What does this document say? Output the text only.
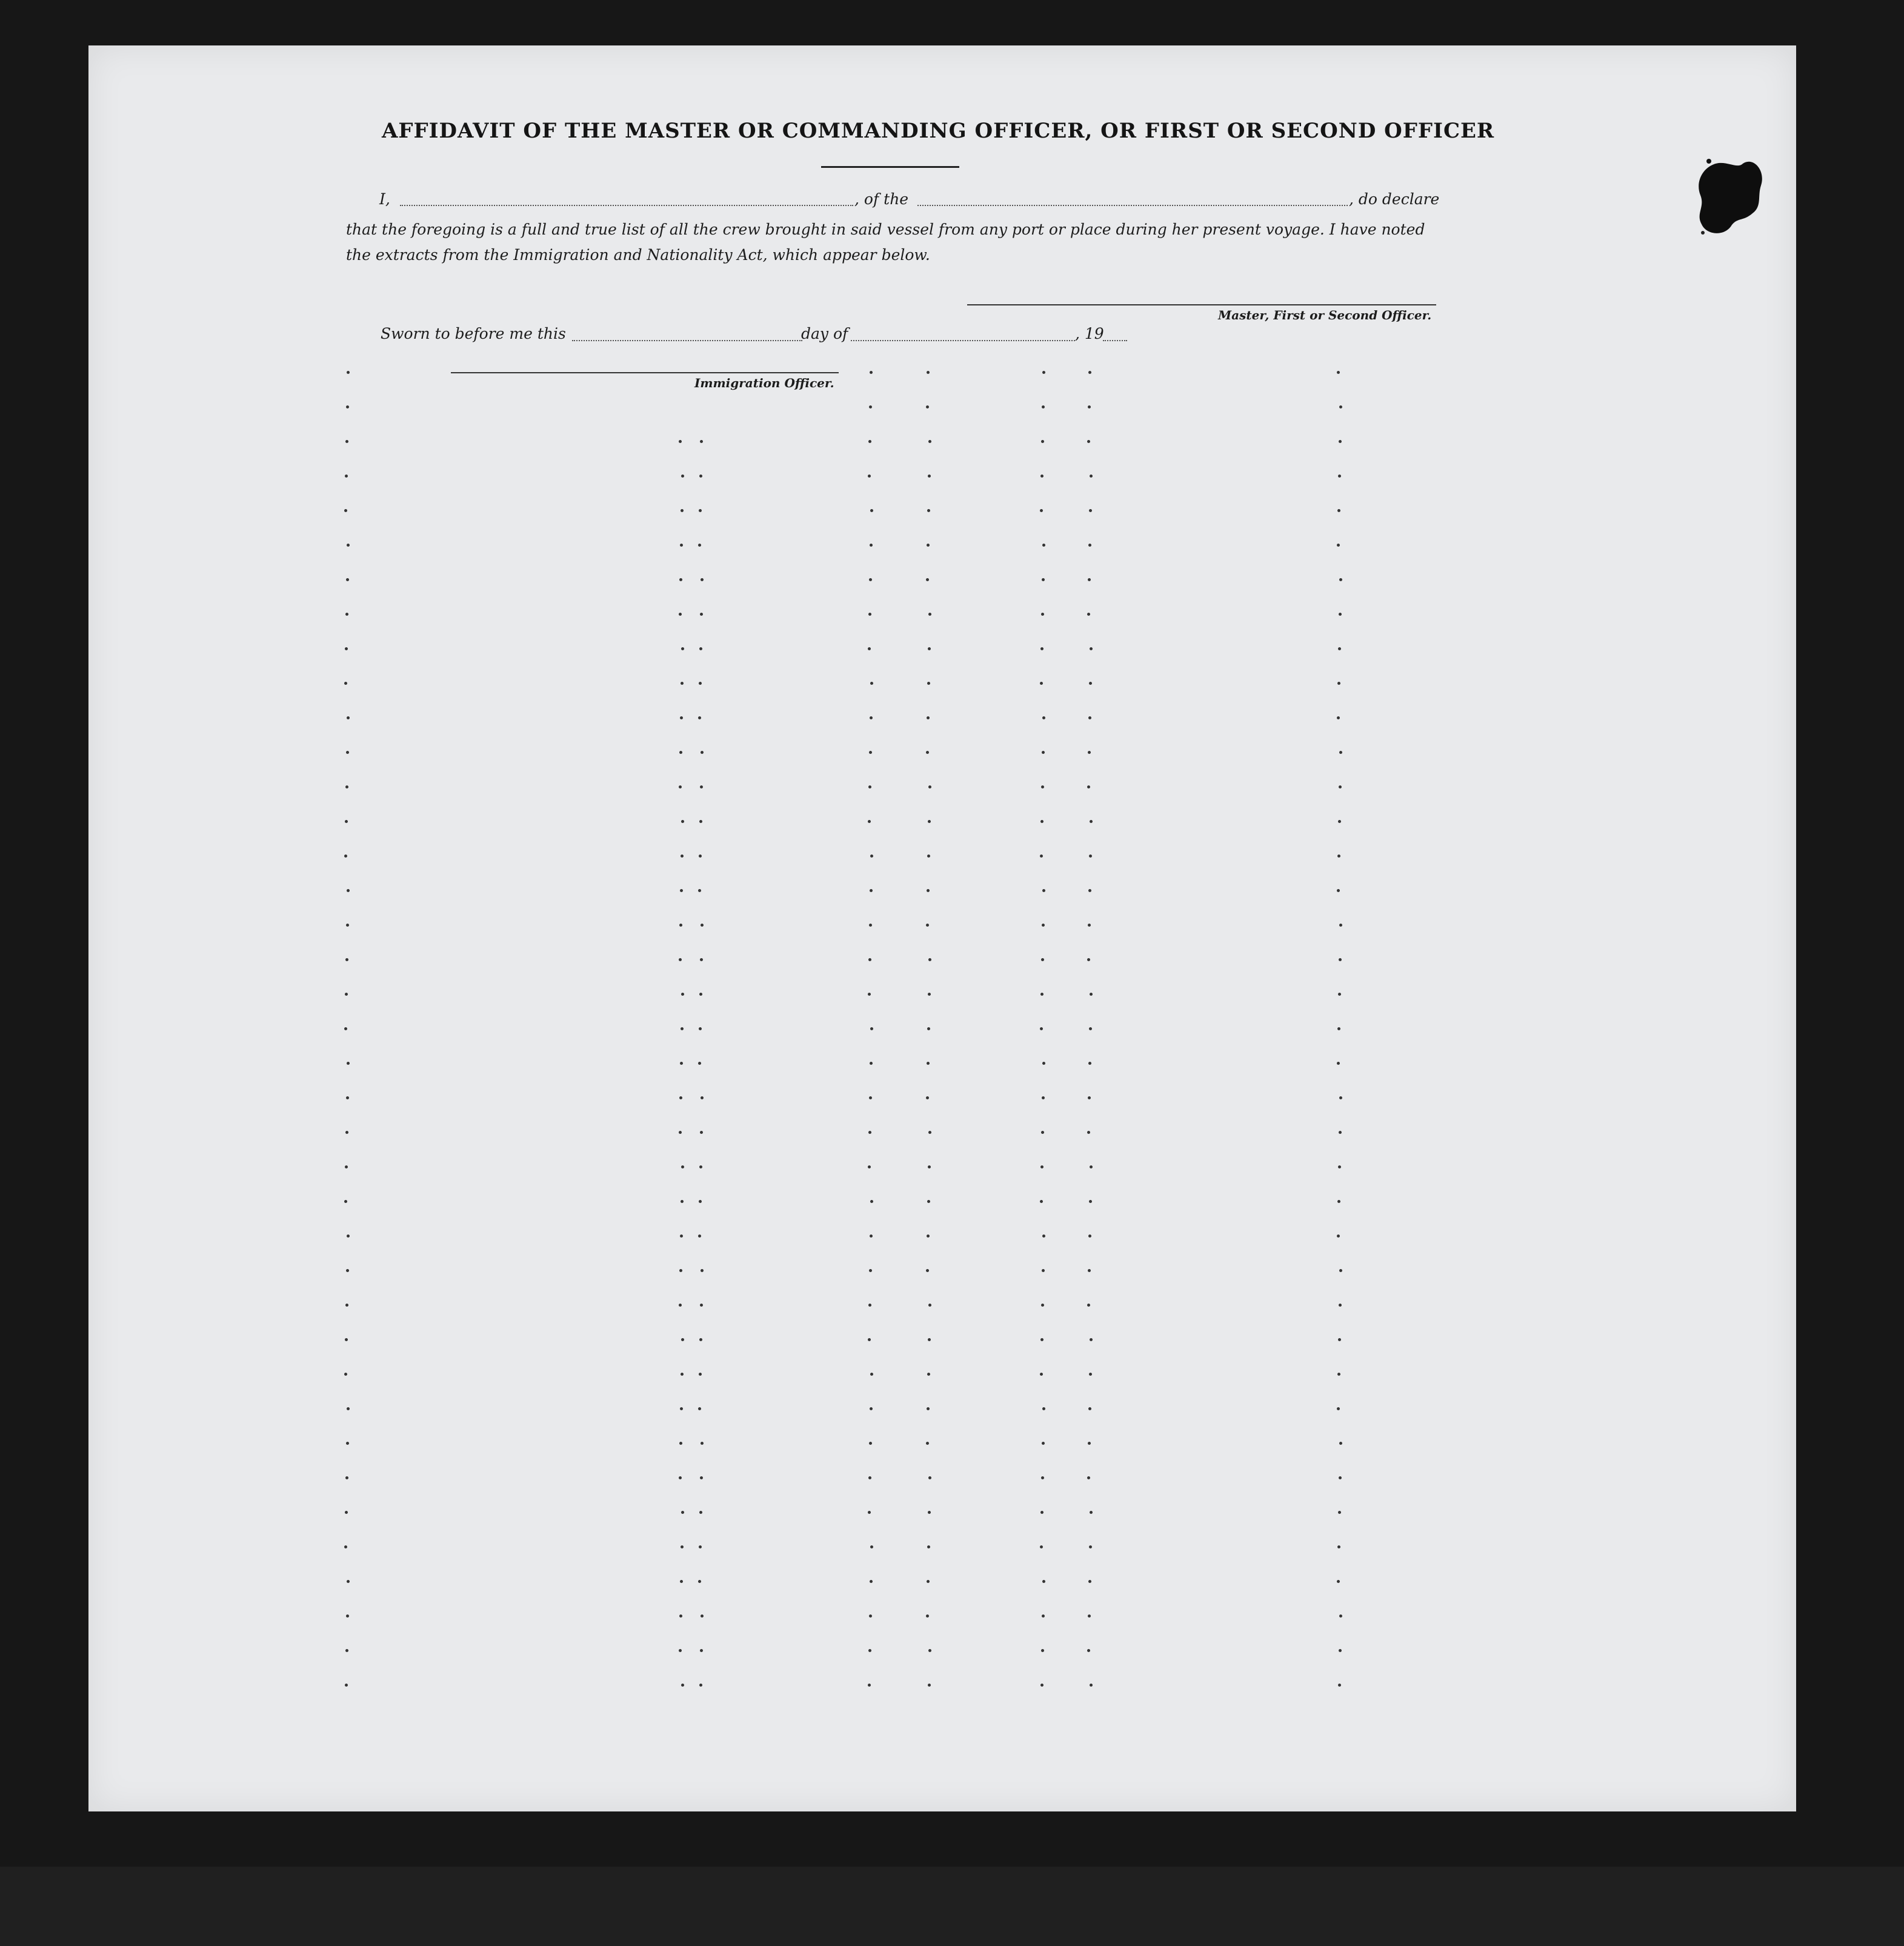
AFFIDAVIT OF THE MASTER OR COMMANDING OFFICER, OR FIRST OR SECOND OFFICER
I,	, of the	, do declare
that the foregoing is a full and true list of all the crew brought in said vessel from any port or place during her present voyage. I have noted
the extracts from the Immigration and Nationality Act, which appear below.
Master, First or Second Officer.
Sworn to before me this	day of	, 19
Immigration Officer.
